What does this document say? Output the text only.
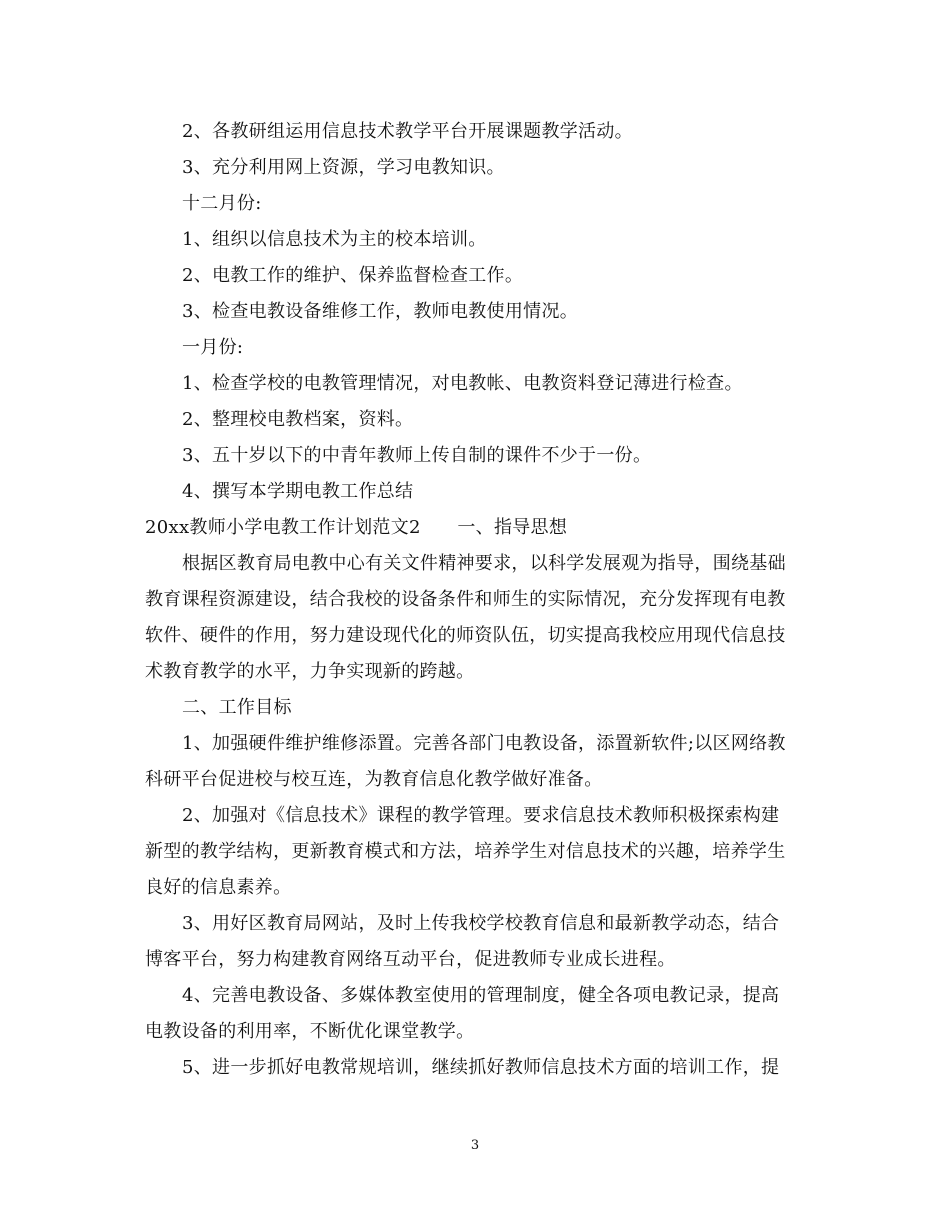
2、各教研组运用信息技术教学平台开展课题教学活动。
3、充分利用网上资源，学习电教知识。
十二月份:
1、组织以信息技术为主的校本培训。
2、电教工作的维护、保养监督检查工作。
3、检查电教设备维修工作，教师电教使用情况。
一月份:
1、检查学校的电教管理情况，对电教帐、电教资料登记薄进行检查。
2、整理校电教档案，资料。
3、五十岁以下的中青年教师上传自制的课件不少于一份。
4、撰写本学期电教工作总结
20xx教师小学电教工作计划范文2　　一、指导思想
根据区教育局电教中心有关文件精神要求，以科学发展观为指导，围绕基础
教育课程资源建设，结合我校的设备条件和师生的实际情况，充分发挥现有电教
软件、硬件的作用，努力建设现代化的师资队伍，切实提高我校应用现代信息技
术教育教学的水平，力争实现新的跨越。
二、工作目标
1、加强硬件维护维修添置。完善各部门电教设备，添置新软件;以区网络教
科研平台促进校与校互连，为教育信息化教学做好准备。
2、加强对《信息技术》课程的教学管理。要求信息技术教师积极探索构建
新型的教学结构，更新教育模式和方法，培养学生对信息技术的兴趣，培养学生
良好的信息素养。
3、用好区教育局网站，及时上传我校学校教育信息和最新教学动态，结合
博客平台，努力构建教育网络互动平台，促进教师专业成长进程。
4、完善电教设备、多媒体教室使用的管理制度，健全各项电教记录，提高
电教设备的利用率，不断优化课堂教学。
5、进一步抓好电教常规培训，继续抓好教师信息技术方面的培训工作，提
3
